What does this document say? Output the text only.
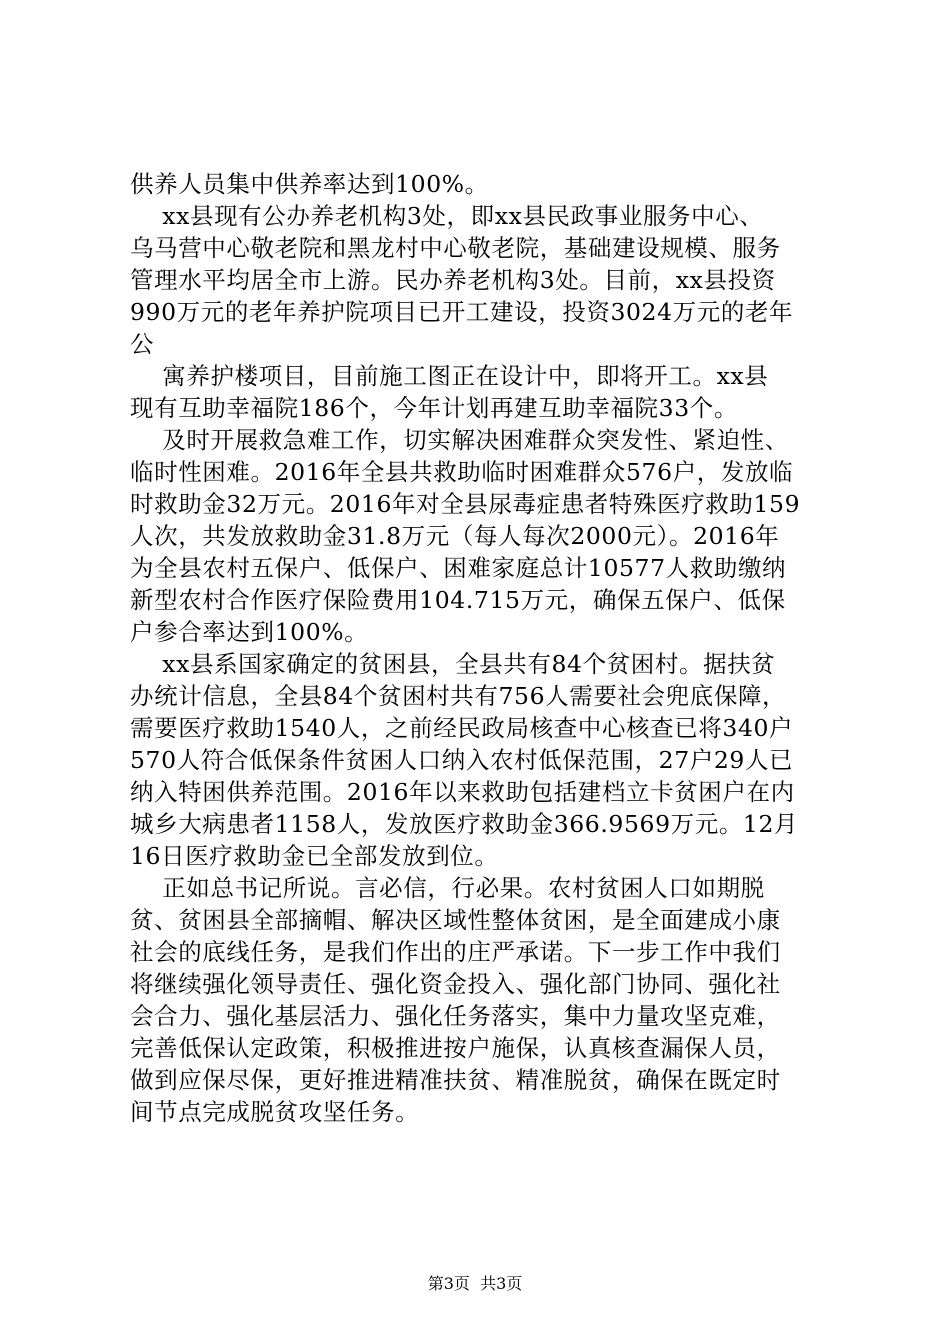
供养人员集中供养率达到100%。
xx县现有公办养老机构3处，即xx县民政事业服务中心、
乌马营中心敬老院和黑龙村中心敬老院，基础建设规模、服务
管理水平均居全市上游。民办养老机构3处。目前，xx县投资
990万元的老年养护院项目已开工建设，投资3024万元的老年
公
寓养护楼项目，目前施工图正在设计中，即将开工。xx县
现有互助幸福院186个，今年计划再建互助幸福院33个。
及时开展救急难工作，切实解决困难群众突发性、紧迫性、
临时性困难。2016年全县共救助临时困难群众576户，发放临
时救助金32万元。2016年对全县尿毒症患者特殊医疗救助159
人次，共发放救助金31.8万元（每人每次2000元）。2016年
为全县农村五保户、低保户、困难家庭总计10577人救助缴纳
新型农村合作医疗保险费用104.715万元，确保五保户、低保
户参合率达到100%。
xx县系国家确定的贫困县，全县共有84个贫困村。据扶贫
办统计信息，全县84个贫困村共有756人需要社会兜底保障，
需要医疗救助1540人，之前经民政局核查中心核查已将340户
570人符合低保条件贫困人口纳入农村低保范围，27户29人已
纳入特困供养范围。2016年以来救助包括建档立卡贫困户在内
城乡大病患者1158人，发放医疗救助金366.9569万元。12月
16日医疗救助金已全部发放到位。
正如总书记所说。言必信，行必果。农村贫困人口如期脱
贫、贫困县全部摘帽、解决区域性整体贫困，是全面建成小康
社会的底线任务，是我们作出的庄严承诺。下一步工作中我们
将继续强化领导责任、强化资金投入、强化部门协同、强化社
会合力、强化基层活力、强化任务落实，集中力量攻坚克难，
完善低保认定政策，积极推进按户施保，认真核查漏保人员，
做到应保尽保，更好推进精准扶贫、精准脱贫，确保在既定时
间节点完成脱贫攻坚任务。
第3页  共3页
